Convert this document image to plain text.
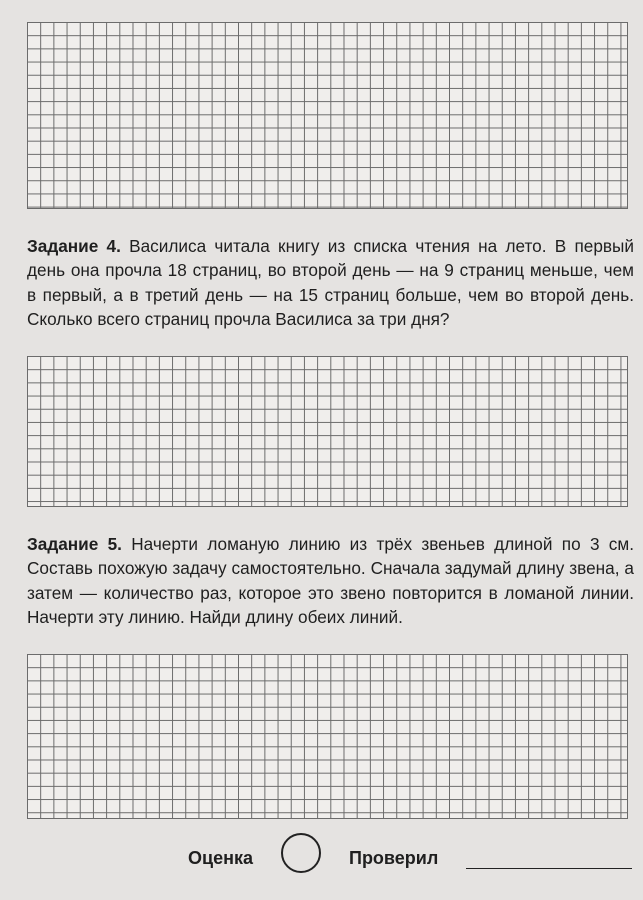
Задание 4. Василиса читала книгу из списка чтения на лето. В первый день она прочла 18 страниц, во второй день — на 9 страниц меньше, чем в первый, а в третий день — на 15 страниц больше, чем во второй день. Сколько всего страниц прочла Василиса за три дня?

Задание 5. Начерти ломаную линию из трёх звеньев длиной по 3 см. Составь похожую задачу самостоятельно. Сначала задумай длину звена, а затем — количество раз, которое это звено повторится в ломаной линии. Начерти эту линию. Найди длину обеих линий.

Оценка	Проверил
